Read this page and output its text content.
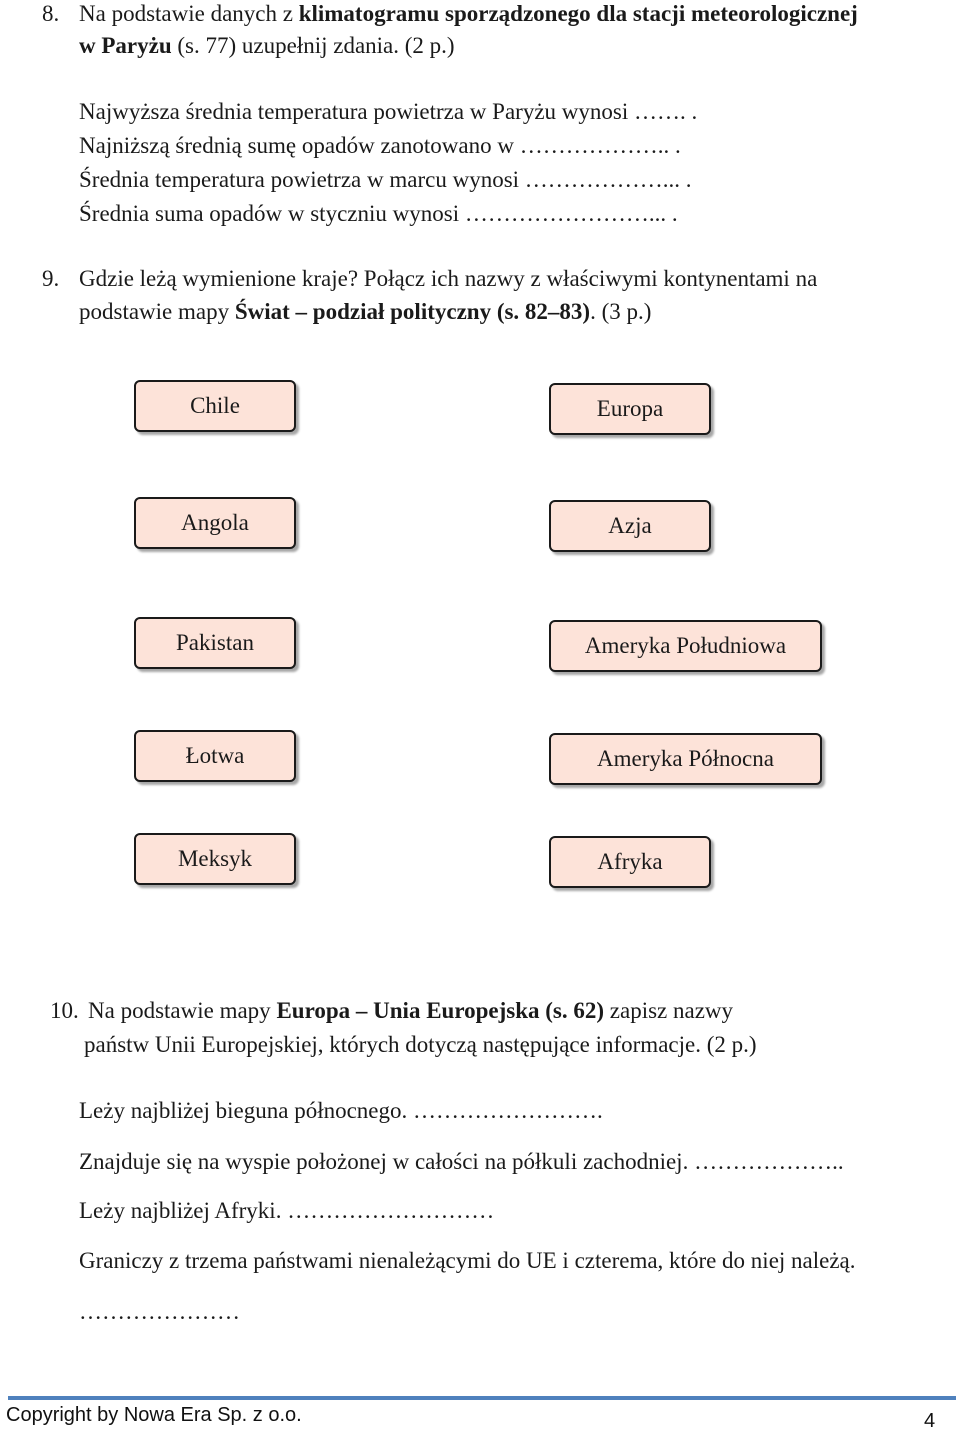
8. Na podstawie danych z klimatogramu sporządzonego dla stacji meteorologicznej
w Paryżu (s. 77) uzupełnij zdania. (2 p.)
Najwyższa średnia temperatura powietrza w Paryżu wynosi ……. .
Najniższą średnią sumę opadów zanotowano w ……………….. .
Średnia temperatura powietrza w marcu wynosi ………………... .
Średnia suma opadów w styczniu wynosi ……………………... .
9. Gdzie leżą wymienione kraje? Połącz ich nazwy z właściwymi kontynentami na
podstawie mapy Świat – podział polityczny (s. 82–83). (3 p.)
Chile
Angola
Pakistan
Łotwa
Meksyk
Europa
Azja
Ameryka Południowa
Ameryka Północna
Afryka
10. Na podstawie mapy Europa – Unia Europejska (s. 62) zapisz nazwy
państw Unii Europejskiej, których dotyczą następujące informacje. (2 p.)
Leży najbliżej bieguna północnego. …………………….
Znajduje się na wyspie położonej w całości na półkuli zachodniej. ………………..
Leży najbliżej Afryki. ………………………
Graniczy z trzema państwami nienależącymi do UE i czterema, które do niej należą.
…………………
Copyright by Nowa Era Sp. z o.o.	4
